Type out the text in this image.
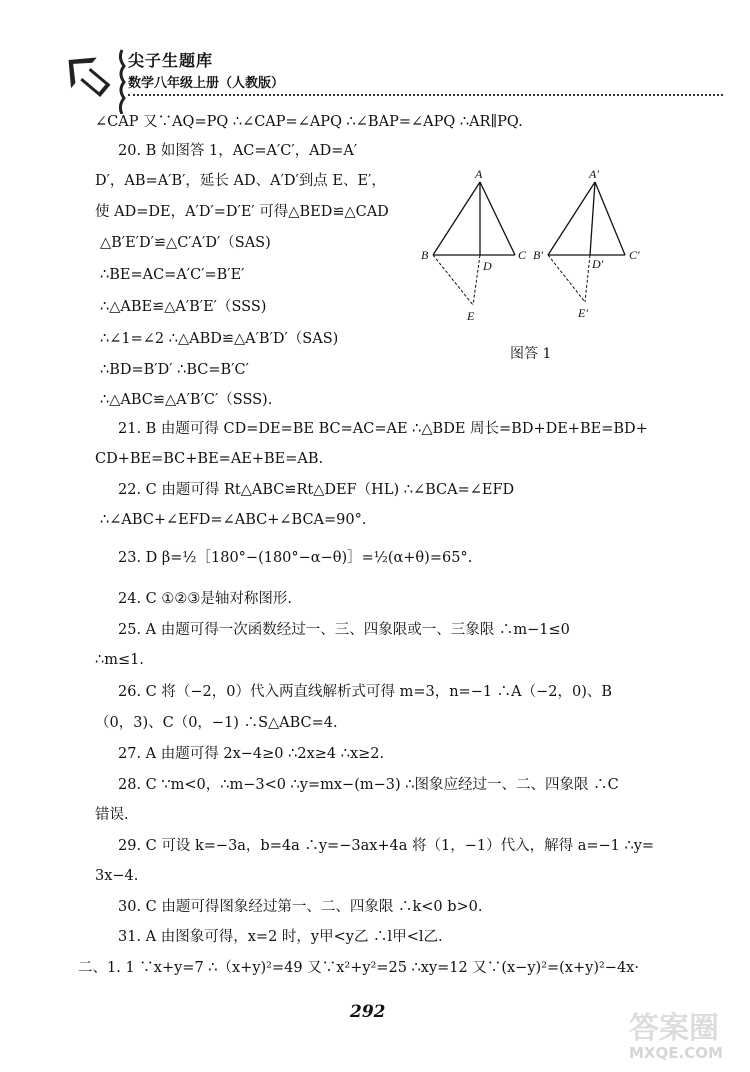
尖子生题库
数学八年级上册（人教版）
∠CAP 又∵AQ=PQ ∴∠CAP=∠APQ ∴∠BAP=∠APQ ∴AR∥PQ.
20. B 如图答 1，AC=A′C′，AD=A′
D′，AB=A′B′，延长 AD、A′D′到点 E、E′，
使 AD=DE，A′D′=D′E′ 可得△BED≌△CAD
△B′E′D′≌△C′A′D′（SAS)
∴BE=AC=A′C′=B′E′
∴△ABE≌△A′B′E′（SSS)
∴∠1=∠2 ∴△ABD≌△A′B′D′（SAS)
∴BD=B′D′ ∴BC=B′C′
∴△ABC≌△A′B′C′（SSS).
21. B 由题可得 CD=DE=BE BC=AC=AE ∴△BDE 周长=BD+DE+BE=BD+
CD+BE=BC+BE=AE+BE=AB.
22. C 由题可得 Rt△ABC≌Rt△DEF（HL) ∴∠BCA=∠EFD
∴∠ABC+∠EFD=∠ABC+∠BCA=90°.
23. D β=½［180°−(180°−α−θ)］=½(α+θ)=65°.
24. C ①②③是轴对称图形.
25. A 由题可得一次函数经过一、三、四象限或一、三象限 ∴m−1≤0
∴m≤1.
26. C 将（−2，0）代入两直线解析式可得 m=3，n=−1 ∴A（−2，0)、B
（0，3)、C（0，−1) ∴S△ABC=4.
27. A 由题可得 2x−4≥0 ∴2x≥4 ∴x≥2.
28. C ∵m<0，∴m−3<0 ∴y=mx−(m−3) ∴图象应经过一、二、四象限 ∴C
错误.
29. C 可设 k=−3a，b=4a ∴y=−3ax+4a 将（1，−1）代入，解得 a=−1 ∴y=
3x−4.
30. C 由题可得图象经过第一、二、四象限 ∴k<0 b>0.
31. A 由图象可得，x=2 时，y甲<y乙 ∴l甲<l乙.
二、1. 1 ∵x+y=7 ∴（x+y)²=49 又∵x²+y²=25 ∴xy=12 又∵(x−y)²=(x+y)²−4x·
A
B	C
D
E
A′
B′	C′
D′
E′
图答 1
292	答案圈
MXQE.COM
